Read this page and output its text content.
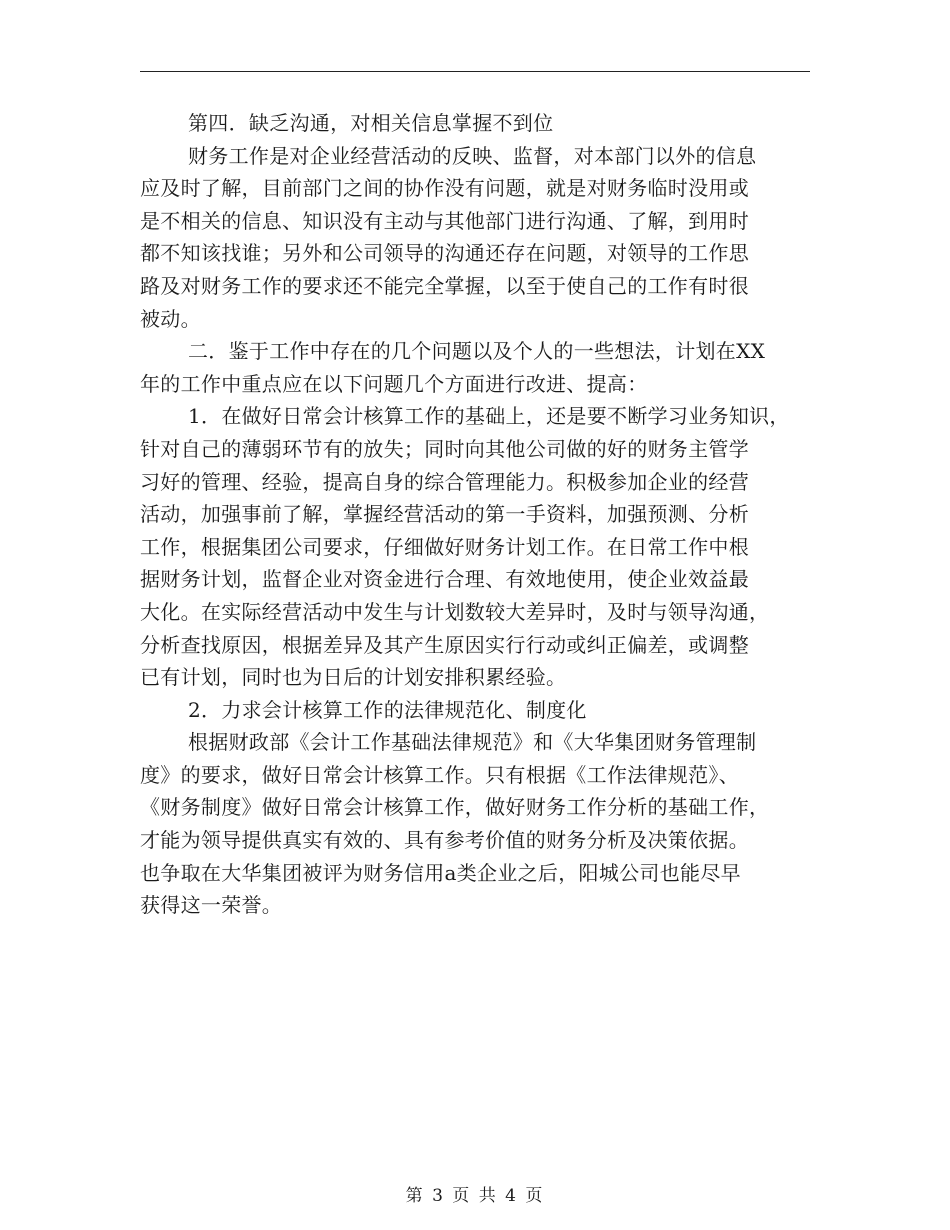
第四．缺乏沟通，对相关信息掌握不到位

财务工作是对企业经营活动的反映、监督，对本部门以外的信息

应及时了解，目前部门之间的协作没有问题，就是对财务临时没用或

是不相关的信息、知识没有主动与其他部门进行沟通、了解，到用时

都不知该找谁；另外和公司领导的沟通还存在问题，对领导的工作思

路及对财务工作的要求还不能完全掌握，以至于使自己的工作有时很

被动。

二．鉴于工作中存在的几个问题以及个人的一些想法，计划在XX

年的工作中重点应在以下问题几个方面进行改进、提高：

1．在做好日常会计核算工作的基础上，还是要不断学习业务知识，

针对自己的薄弱环节有的放失；同时向其他公司做的好的财务主管学

习好的管理、经验，提高自身的综合管理能力。积极参加企业的经营

活动，加强事前了解，掌握经营活动的第一手资料，加强预测、分析

工作，根据集团公司要求，仔细做好财务计划工作。在日常工作中根

据财务计划，监督企业对资金进行合理、有效地使用，使企业效益最

大化。在实际经营活动中发生与计划数较大差异时，及时与领导沟通，

分析查找原因，根据差异及其产生原因实行行动或纠正偏差，或调整

已有计划，同时也为日后的计划安排积累经验。

2．力求会计核算工作的法律规范化、制度化

根据财政部《会计工作基础法律规范》和《大华集团财务管理制

度》的要求，做好日常会计核算工作。只有根据《工作法律规范》、

《财务制度》做好日常会计核算工作，做好财务工作分析的基础工作，

才能为领导提供真实有效的、具有参考价值的财务分析及决策依据。

也争取在大华集团被评为财务信用a类企业之后，阳城公司也能尽早

获得这一荣誉。

第 3 页 共 4 页
